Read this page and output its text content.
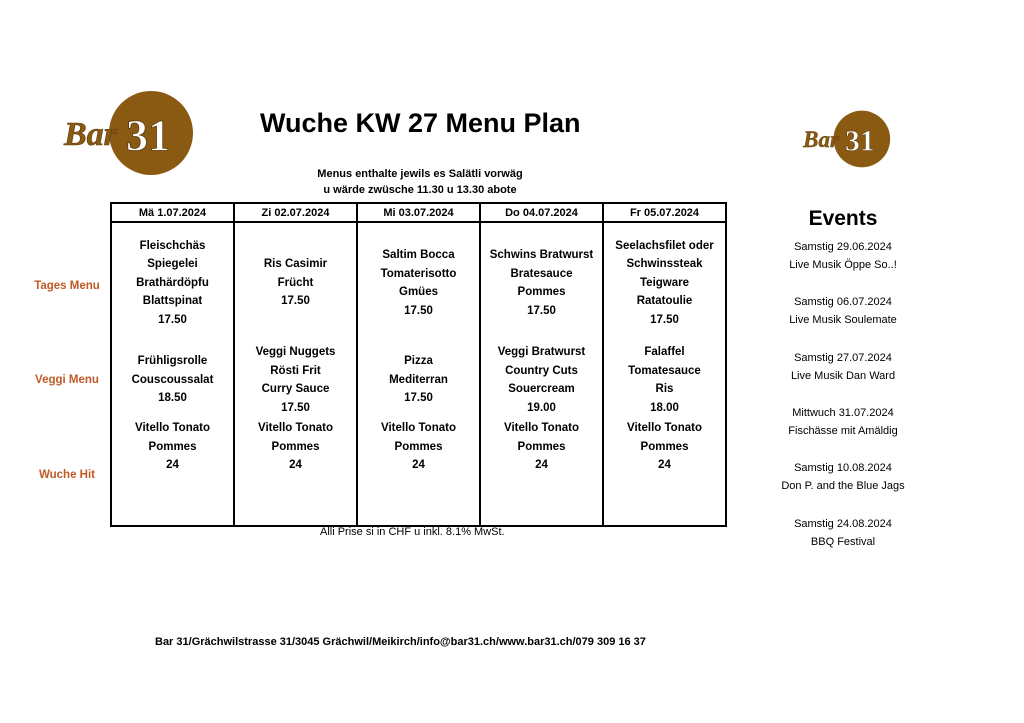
Bar 31	Bar 31
Wuche KW 27 Menu Plan
Menus enthalte jewils es Salätli vorwäg
u wärde zwüsche 11.30 u 13.30 abote
Tages Menu
Veggi Menu
Wuche Hit
Mä 1.07.2024	Zi 02.07.2024	Mi 03.07.2024	Do 04.07.2024	Fr 05.07.2024

Fleischchäs
Spiegelei
Brathärdöpfu
Blattspinat
17.50	Ris Casimir
Frücht
17.50	Saltim Bocca
Tomaterisotto
Gmües
17.50	Schwins Bratwurst
Bratesauce
Pommes
17.50	Seelachsfilet oder
Schwinssteak
Teigware
Ratatoulie
17.50

Frühligsrolle
Couscoussalat
18.50	Veggi Nuggets
Rösti Frit
Curry Sauce
17.50	Pizza
Mediterran
17.50	Veggi Bratwurst
Country Cuts
Souercream
19.00	Falaffel
Tomatesauce
Ris
18.00

Vitello Tonato
Pommes
24	Vitello Tonato
Pommes
24	Vitello Tonato
Pommes
24	Vitello Tonato
Pommes
24	Vitello Tonato
Pommes
24
Alli Prise si in CHF u inkl. 8.1% MwSt.
Bar 31/Grächwilstrasse 31/3045 Grächwil/Meikirch/info@bar31.ch/www.bar31.ch/079 309 16 37
Events
Samstig 29.06.2024
Live Musik Öppe So..!
Samstig 06.07.2024
Live Musik Soulemate
Samstig 27.07.2024
Live Musik Dan Ward
Mittwuch 31.07.2024
Fischässe mit Amäldig
Samstig 10.08.2024
Don P. and the Blue Jags
Samstig 24.08.2024
BBQ Festival
